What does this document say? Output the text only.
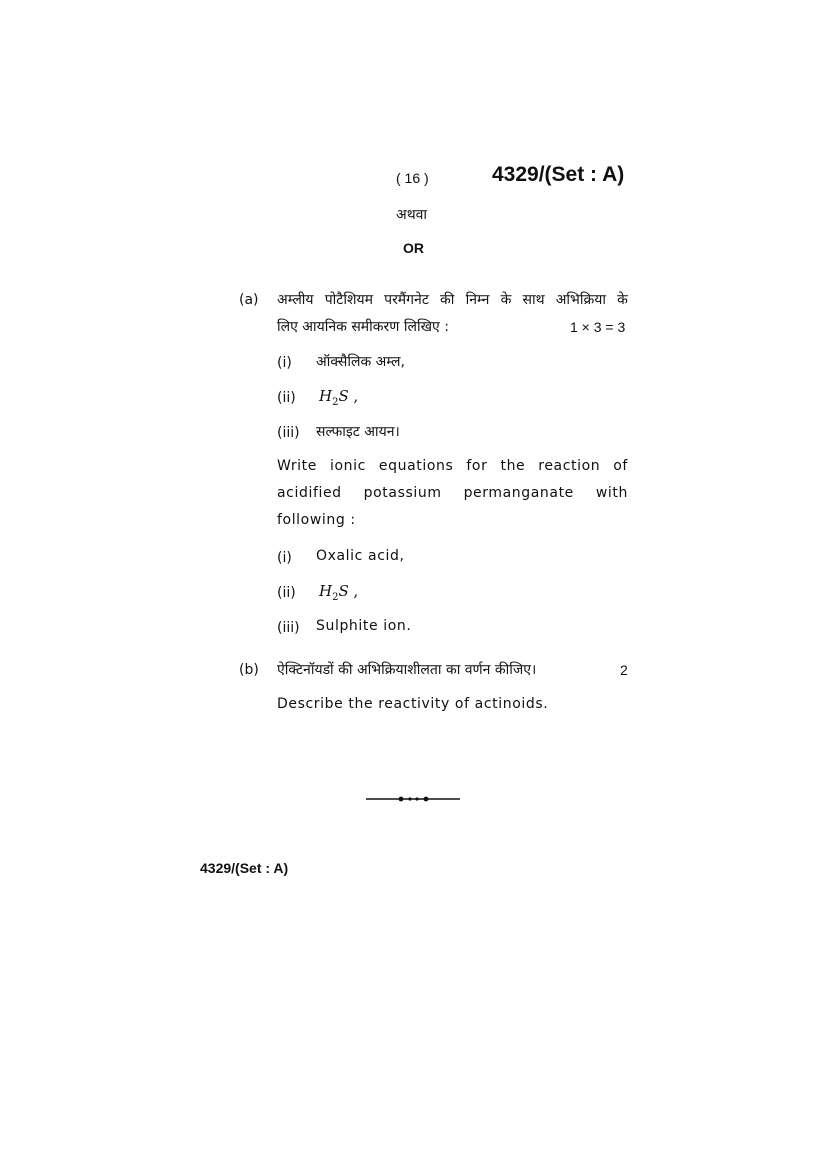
( 16 )	4329/(Set : A)
अथवा
OR
(a) अम्लीय पोटैशियम परमैंगनेट की निम्न के साथ अभिक्रिया के
लिए आयनिक समीकरण लिखिए :	1 × 3 = 3
(i) ऑक्सैलिक अम्ल,
(ii) $H_2S$ ,
(iii) सल्फाइट आयन।
Write ionic equations for the reaction of
acidified potassium permanganate with
following :
(i) Oxalic acid,
(ii) $H_2S$ ,
(iii) Sulphite ion.
(b) ऐक्टिनॉयडों की अभिक्रियाशीलता का वर्णन कीजिए।	2
Describe the reactivity of actinoids.
4329/(Set : A)
